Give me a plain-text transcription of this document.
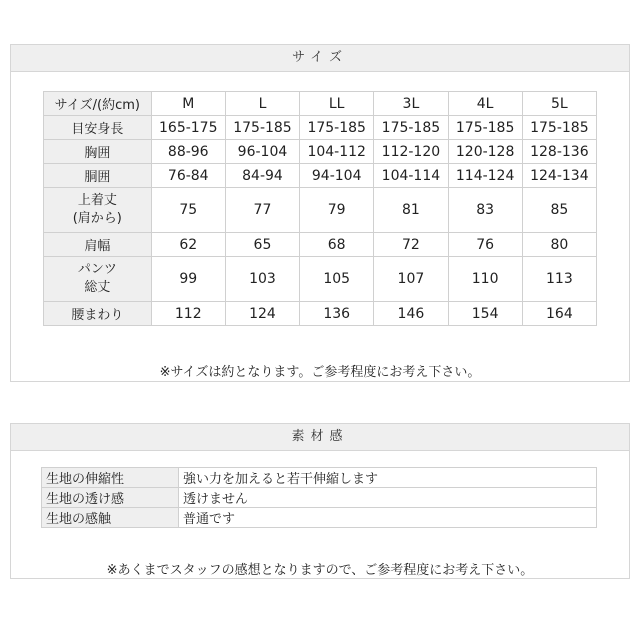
サイズ
サイズ/(約cm)	M	L	LL	3L	4L	5L
目安身長	165-175	175-185	175-185	175-185	175-185	175-185
胸囲	88-96	96-104	104-112	112-120	120-128	128-136
胴囲	76-84	84-94	94-104	104-114	114-124	124-134
上着丈
(肩から)	75	77	79	81	83	85
肩幅	62	65	68	72	76	80
パンツ
総丈	99	103	105	107	110	113
腰まわり	112	124	136	146	154	164
※サイズは約となります。ご参考程度にお考え下さい。
素材感
生地の伸縮性	強い力を加えると若干伸縮します
生地の透け感	透けません
生地の感触	普通です
※あくまでスタッフの感想となりますので、ご参考程度にお考え下さい。
